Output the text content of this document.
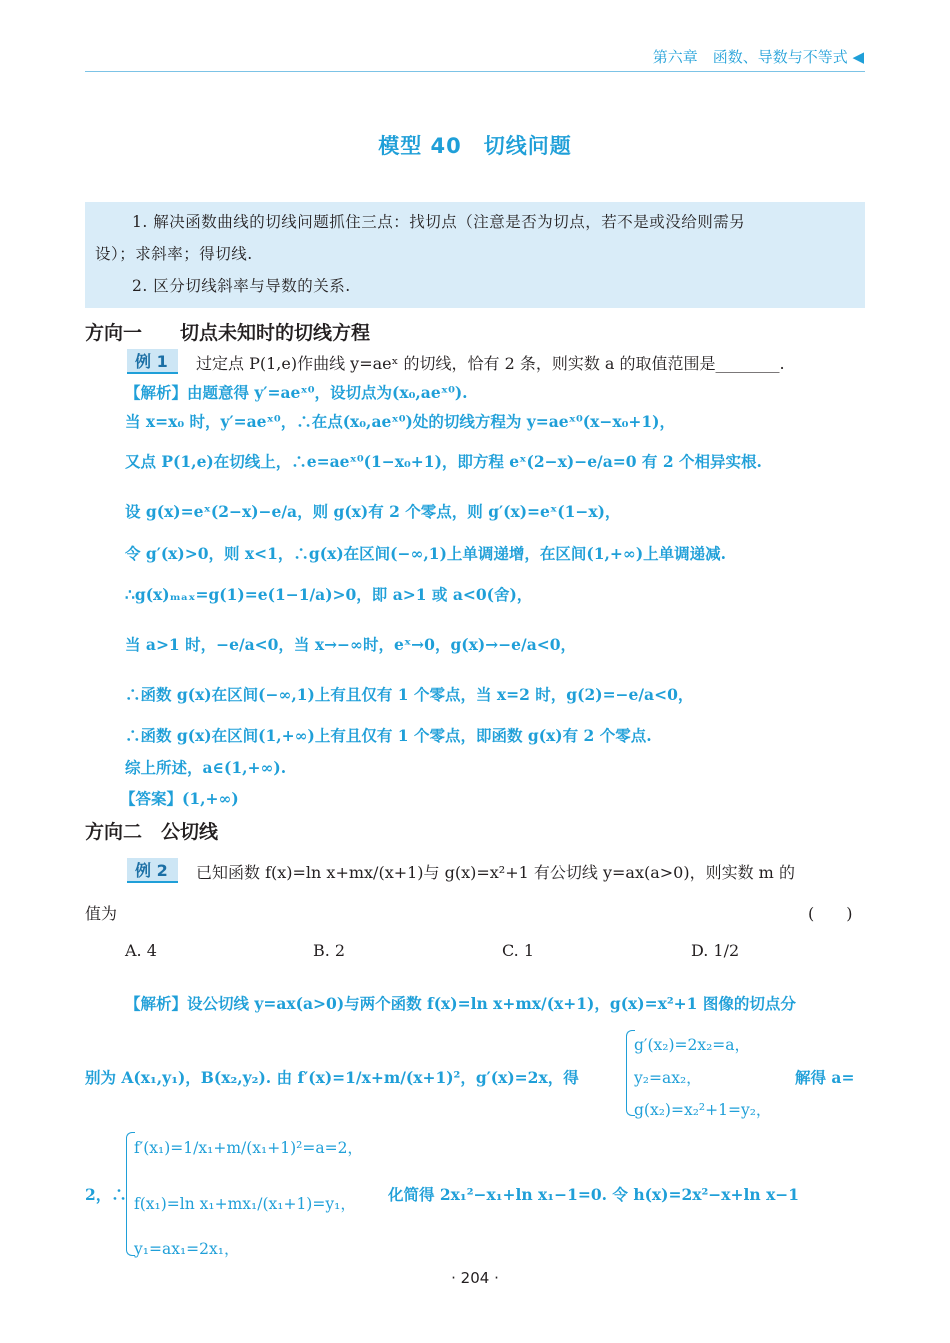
第六章　函数、导数与不等式 ◀
模型 40　切线问题
1. 解决函数曲线的切线问题抓住三点：找切点（注意是否为切点，若不是或没给则需另
设）；求斜率；得切线.
2. 区分切线斜率与导数的关系.
方向一　　切点未知时的切线方程
例 1	过定点 P(1,e)作曲线 y=aeˣ 的切线，恰有 2 条，则实数 a 的取值范围是________.
【解析】由题意得 y′=aeˣ⁰，设切点为(x₀,aeˣ⁰).
当 x=x₀ 时，y′=aeˣ⁰，∴在点(x₀,aeˣ⁰)处的切线方程为 y=aeˣ⁰(x−x₀+1)，
又点 P(1,e)在切线上，∴e=aeˣ⁰(1−x₀+1)，即方程 eˣ(2−x)−e/a=0 有 2 个相异实根.
设 g(x)=eˣ(2−x)−e/a，则 g(x)有 2 个零点，则 g′(x)=eˣ(1−x)，
令 g′(x)>0，则 x<1，∴g(x)在区间(−∞,1)上单调递增，在区间(1,+∞)上单调递减.
∴g(x)ₘₐₓ=g(1)=e(1−1/a)>0，即 a>1 或 a<0(舍)，
当 a>1 时，−e/a<0，当 x→−∞时，eˣ→0，g(x)→−e/a<0，
∴函数 g(x)在区间(−∞,1)上有且仅有 1 个零点，当 x=2 时，g(2)=−e/a<0，
∴函数 g(x)在区间(1,+∞)上有且仅有 1 个零点，即函数 g(x)有 2 个零点.
综上所述，a∈(1,+∞).
【答案】(1,+∞)
方向二　公切线
例 2	已知函数 f(x)=ln x+mx/(x+1)与 g(x)=x²+1 有公切线 y=ax(a>0)，则实数 m 的
值为	(　　)
A. 4	B. 2	C. 1	D. 1/2
【解析】设公切线 y=ax(a>0)与两个函数 f(x)=ln x+mx/(x+1)，g(x)=x²+1 图像的切点分
别为 A(x₁,y₁)，B(x₂,y₂). 由 f′(x)=1/x+m/(x+1)²，g′(x)=2x，得
g′(x₂)=2x₂=a，
y₂=ax₂，
g(x₂)=x₂²+1=y₂，
解得 a=
2，∴
f′(x₁)=1/x₁+m/(x₁+1)²=a=2，
f(x₁)=ln x₁+mx₁/(x₁+1)=y₁，
y₁=ax₁=2x₁，
化简得 2x₁²−x₁+ln x₁−1=0. 令 h(x)=2x²−x+ln x−1
· 204 ·
